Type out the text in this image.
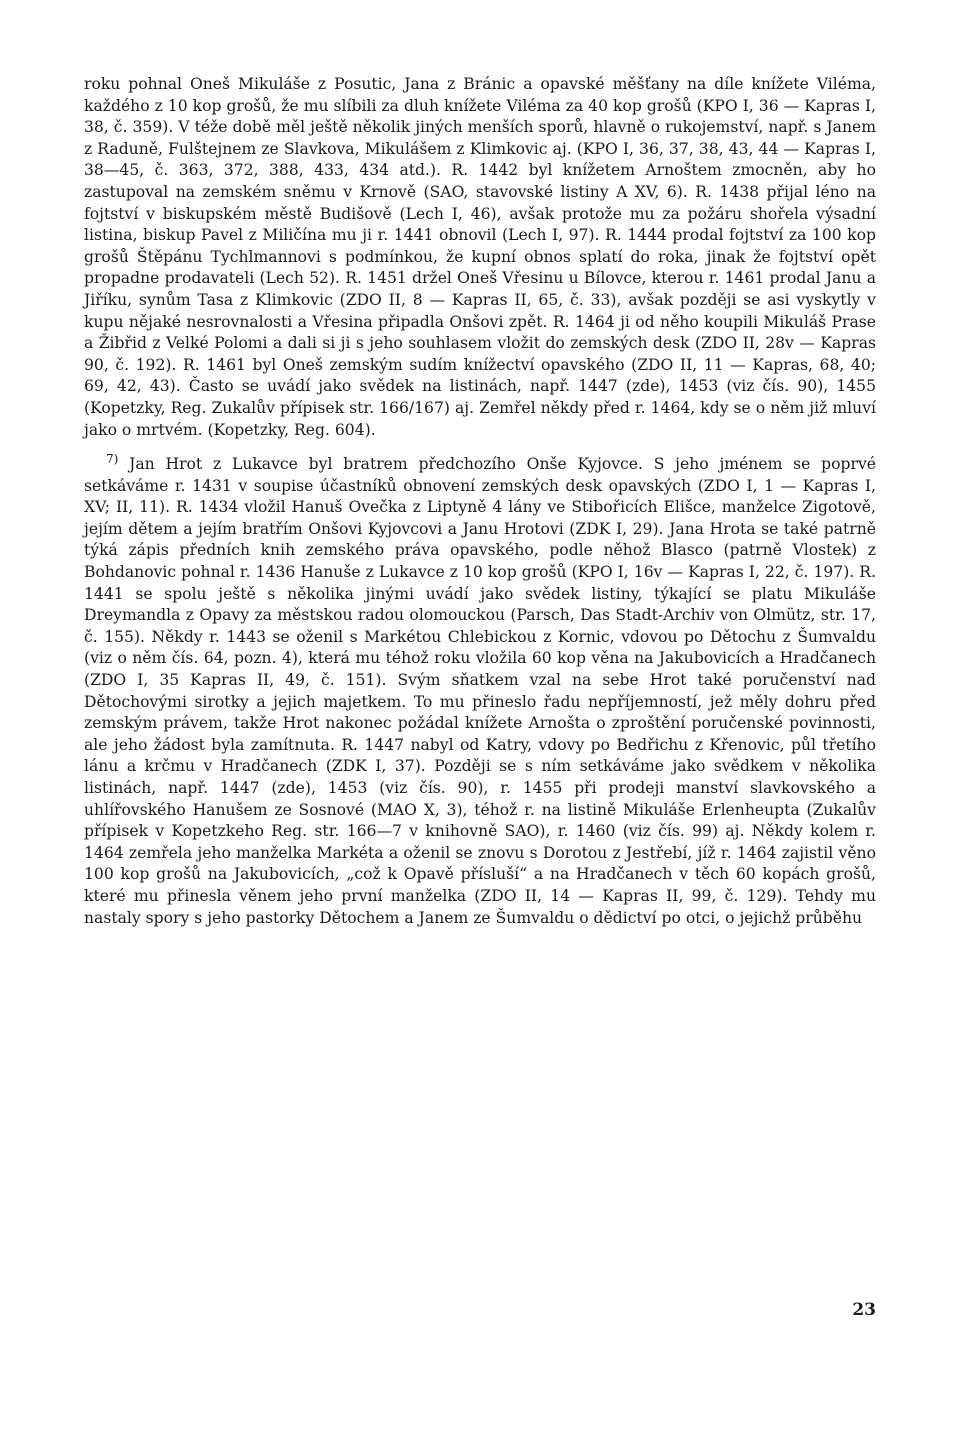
roku pohnal Oneš Mikuláše z Posutic, Jana z Bránic a opavské měšťany na díle knížete Viléma, každého z 10 kop grošů, že mu slíbili za dluh knížete Viléma za 40 kop grošů (KPO I, 36 — Kapras I, 38, č. 359). V téže době měl ještě několik jiných menších sporů, hlavně o rukojemství, např. s Janem z Raduně, Fulštejnem ze Slavkova, Mikulášem z Klimkovic aj. (KPO I, 36, 37, 38, 43, 44 — Kapras I, 38—45, č. 363, 372, 388, 433, 434 atd.). R. 1442 byl knížetem Arnoštem zmocněn, aby ho zastupoval na zemském sněmu v Krnově (SAO, stavovské listiny A XV, 6). R. 1438 přijal léno na fojtství v biskupském městě Budišově (Lech I, 46), avšak protože mu za požáru shořela výsadní listina, biskup Pavel z Miličína mu ji r. 1441 obnovil (Lech I, 97). R. 1444 prodal fojtství za 100 kop grošů Štěpánu Tychlmannovi s podmínkou, že kupní obnos splatí do roka, jinak že fojtství opět propadne prodavateli (Lech 52). R. 1451 držel Oneš Vřesinu u Bílovce, kterou r. 1461 prodal Janu a Jiříku, synům Tasa z Klimkovic (ZDO II, 8 — Kapras II, 65, č. 33), avšak později se asi vyskytly v kupu nějaké nesrovnalosti a Vřesina připadla Onšovi zpět. R. 1464 ji od něho koupili Mikuláš Prase a Žibřid z Velké Polomi a dali si ji s jeho souhlasem vložit do zemských desk (ZDO II, 28v — Kapras 90, č. 192). R. 1461 byl Oneš zemským sudím knížectví opavského (ZDO II, 11 — Kapras, 68, 40; 69, 42, 43). Často se uvádí jako svědek na listinách, např. 1447 (zde), 1453 (viz čís. 90), 1455 (Kopetzky, Reg. Zukalův přípisek str. 166/167) aj. Zemřel někdy před r. 1464, kdy se o něm již mluví jako o mrtvém. (Kopetzky, Reg. 604).

$^{7)}$ Jan Hrot z Lukavce byl bratrem předchozího Onše Kyjovce. S jeho jménem se poprvé setkáváme r. 1431 v soupise účastníků obnovení zemských desk opavských (ZDO I, 1 — Kapras I, XV; II, 11). R. 1434 vložil Hanuš Ovečka z Liptyně 4 lány ve Stibořicích Elišce, manželce Zigotově, jejím dětem a jejím bratřím Onšovi Kyjovcovi a Janu Hrotovi (ZDK I, 29). Jana Hrota se také patrně týká zápis předních knih zemského práva opavského, podle něhož Blasco (patrně Vlostek) z Bohdanovic pohnal r. 1436 Hanuše z Lukavce z 10 kop grošů (KPO I, 16v — Kapras I, 22, č. 197). R. 1441 se spolu ještě s několika jinými uvádí jako svědek listiny, týkající se platu Mikuláše Dreymandla z Opavy za městskou radou olomouckou (Parsch, Das Stadt-Archiv von Olmütz, str. 17, č. 155). Někdy r. 1443 se oženil s Markétou Chlebickou z Kornic, vdovou po Dětochu z Šumvaldu (viz o něm čís. 64, pozn. 4), která mu téhož roku vložila 60 kop věna na Jakubovicích a Hradčanech (ZDO I, 35 Kapras II, 49, č. 151). Svým sňatkem vzal na sebe Hrot také poručenství nad Dětochovými sirotky a jejich majetkem. To mu přineslo řadu nepříjemností, jež měly dohru před zemským právem, takže Hrot nakonec požádal knížete Arnošta o zproštění poručenské povinnosti, ale jeho žádost byla zamítnuta. R. 1447 nabyl od Katry, vdovy po Bedřichu z Křenovic, půl třetího lánu a krčmu v Hradčanech (ZDK I, 37). Později se s ním setkáváme jako svědkem v několika listinách, např. 1447 (zde), 1453 (viz čís. 90), r. 1455 při prodeji manství slavkovského a uhlířovského Hanušem ze Sosnové (MAO X, 3), téhož r. na listině Mikuláše Erlenheupta (Zukalův přípisek v Kopetzkeho Reg. str. 166—7 v knihovně SAO), r. 1460 (viz čís. 99) aj. Někdy kolem r. 1464 zemřela jeho manželka Markéta a oženil se znovu s Dorotou z Jestřebí, jíž r. 1464 zajistil věno 100 kop grošů na Jakubovicích, „což k Opavě přísluší“ a na Hradčanech v těch 60 kopách grošů, které mu přinesla věnem jeho první manželka (ZDO II, 14 — Kapras II, 99, č. 129). Tehdy mu nastaly spory s jeho pastorky Dětochem a Janem ze Šumvaldu o dědictví po otci, o jejichž průběhu

23
